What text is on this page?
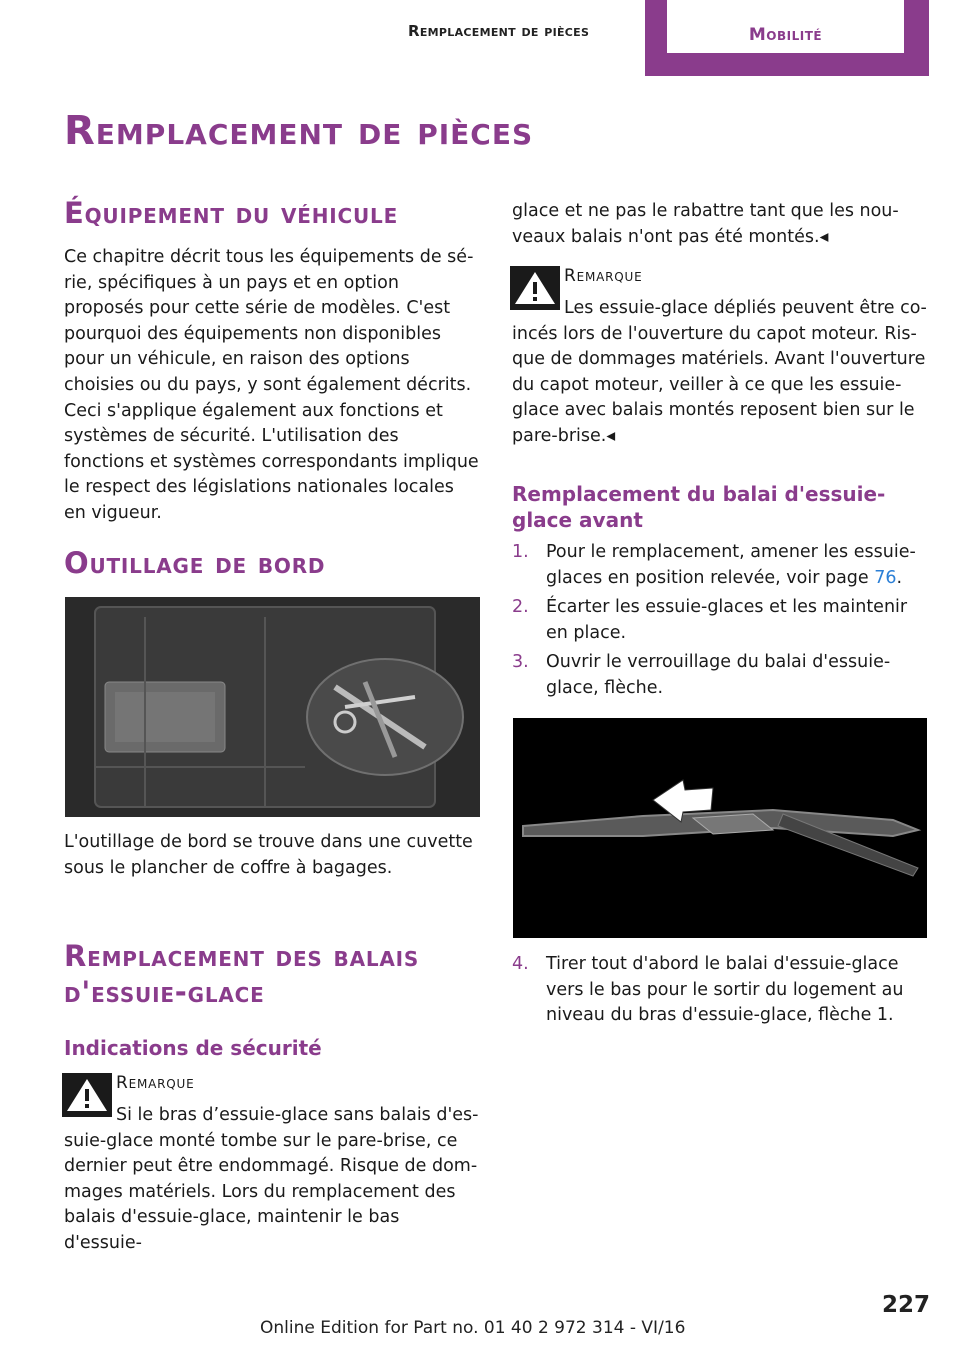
Remplacement de pièces	Mobilité
Remplacement de pièces
Équipement du véhicule
Ce chapitre décrit tous les équipements de série, spécifiques à un pays et en option proposés pour cette série de modèles. C'est pourquoi des équipements non disponibles pour un véhicule, en raison des options choisies ou du pays, y sont également décrits. Ceci s'applique également aux fonctions et systèmes de sécurité. L'utilisation des fonctions et systèmes correspondants implique le respect des législations nationales locales en vigueur.
Outillage de bord
L'outillage de bord se trouve dans une cuvette sous le plancher de coffre à bagages.
Remplacement des balais d'essuie-glace
Indications de sécurité
Remarque
Si le bras d’essuie-glace sans balais d'essuie-glace monté tombe sur le pare-brise, ce dernier peut être endommagé. Risque de dommages matériels. Lors du remplacement des balais d'essuie-glace, maintenir le bas d'essuie-
glace et ne pas le rabattre tant que les nouveaux balais n'ont pas été montés.◂
Remarque
Les essuie-glace dépliés peuvent être coincés lors de l'ouverture du capot moteur. Risque de dommages matériels. Avant l'ouverture du capot moteur, veiller à ce que les essuie-glace avec balais montés reposent bien sur le pare-brise.◂
Remplacement du balai d'essuie-glace avant
1. Pour le remplacement, amener les essuie-glaces en position relevée, voir page 76.
2. Écarter les essuie-glaces et les maintenir en place.
3. Ouvrir le verrouillage du balai d'essuie-glace, flèche.
4. Tirer tout d'abord le balai d'essuie-glace vers le bas pour le sortir du logement au niveau du bras d'essuie-glace, flèche 1.
227
Online Edition for Part no. 01 40 2 972 314 - VI/16
